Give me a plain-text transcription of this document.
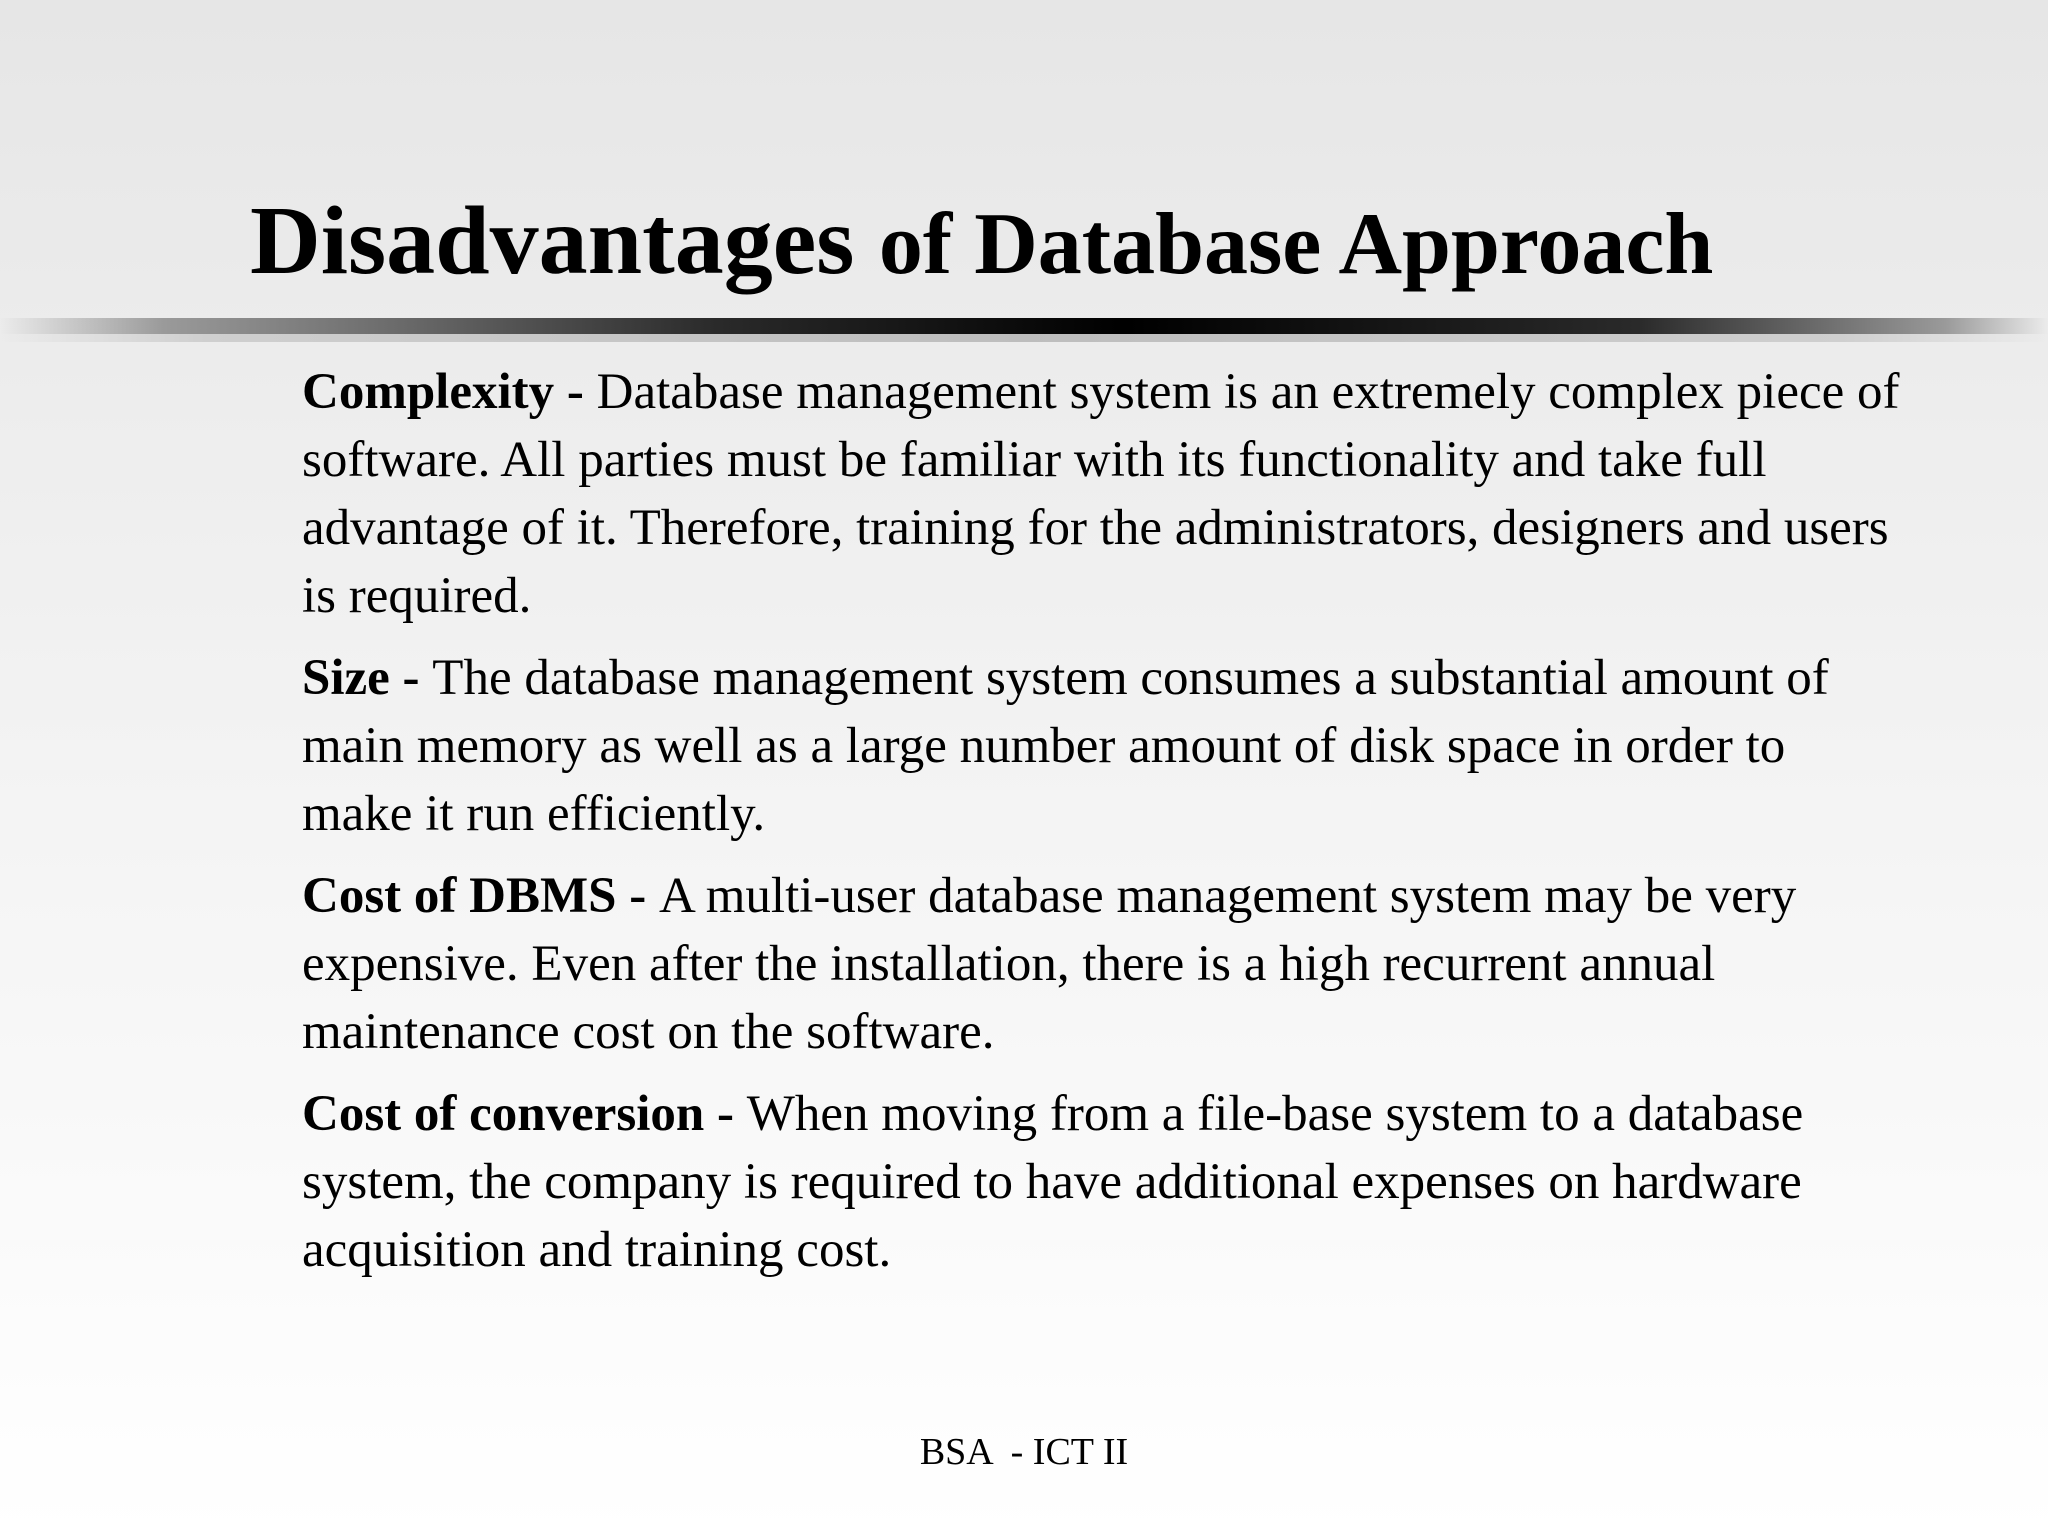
Disadvantages of Database Approach

Complexity - Database management system is an extremely complex piece of software. All parties must be familiar with its functionality and take full advantage of it. Therefore, training for the administrators, designers and users is required.

Size - The database management system consumes a substantial amount of main memory as well as a large number amount of disk space in order to make it run efficiently.

Cost of DBMS - A multi-user database management system may be very expensive. Even after the installation, there is a high recurrent annual maintenance cost on the software.

Cost of conversion - When moving from a file-base system to a database system, the company is required to have additional expenses on hardware acquisition and training cost.

BSA  - ICT II
